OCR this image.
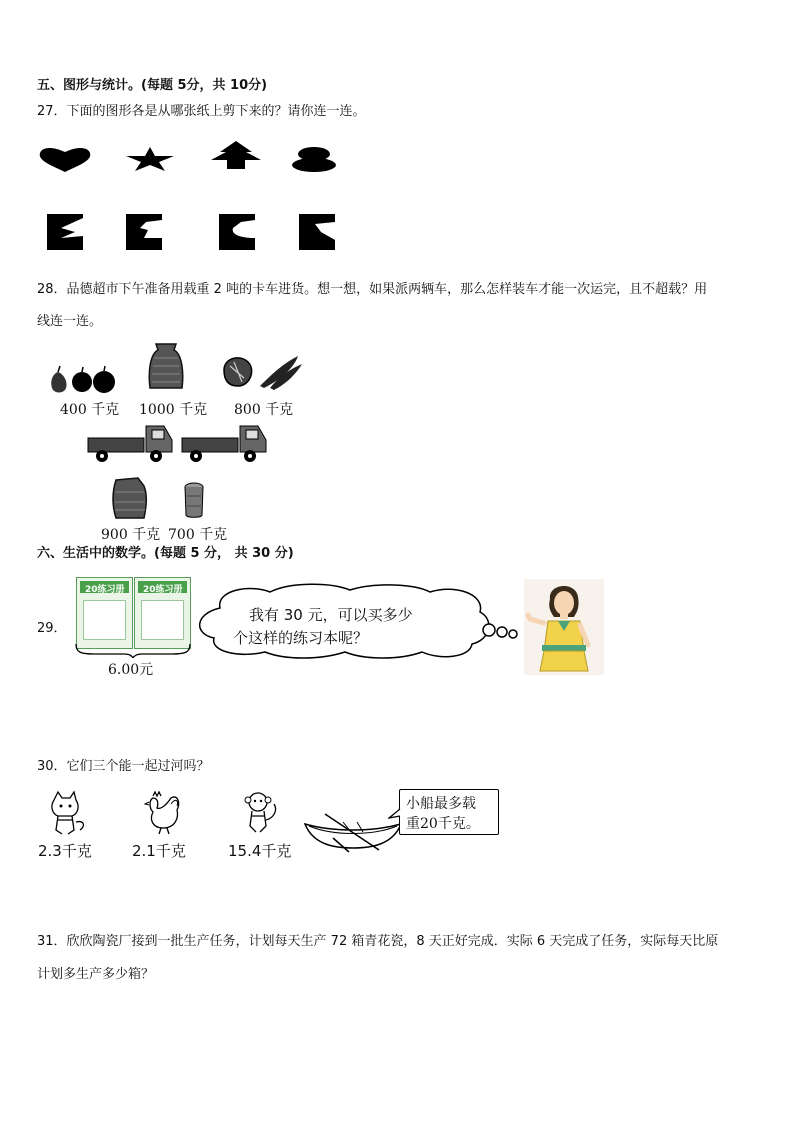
五、图形与统计。(每题 5分，共 10分)
27．下面的图形各是从哪张纸上剪下来的？请你连一连。
28．品德超市下午准备用载重 2 吨的卡车进货。想一想，如果派两辆车，那么怎样装车才能一次运完，且不超载？用
线连一连。
400 千克 1000 千克 800 千克
900 千克 700 千克
六、生活中的数学。(每题 5 分， 共 30 分)
29．
20练习册 20练习册
6.00元
我有 30 元，可以买多少
个这样的练习本呢？
30．它们三个能一起过河吗？
2.3千克	2.1千克	15.4千克
小船最多载
重20千克。
31．欣欣陶瓷厂接到一批生产任务，计划每天生产 72 箱青花瓷，8 天正好完成．实际 6 天完成了任务，实际每天比原
计划多生产多少箱？
